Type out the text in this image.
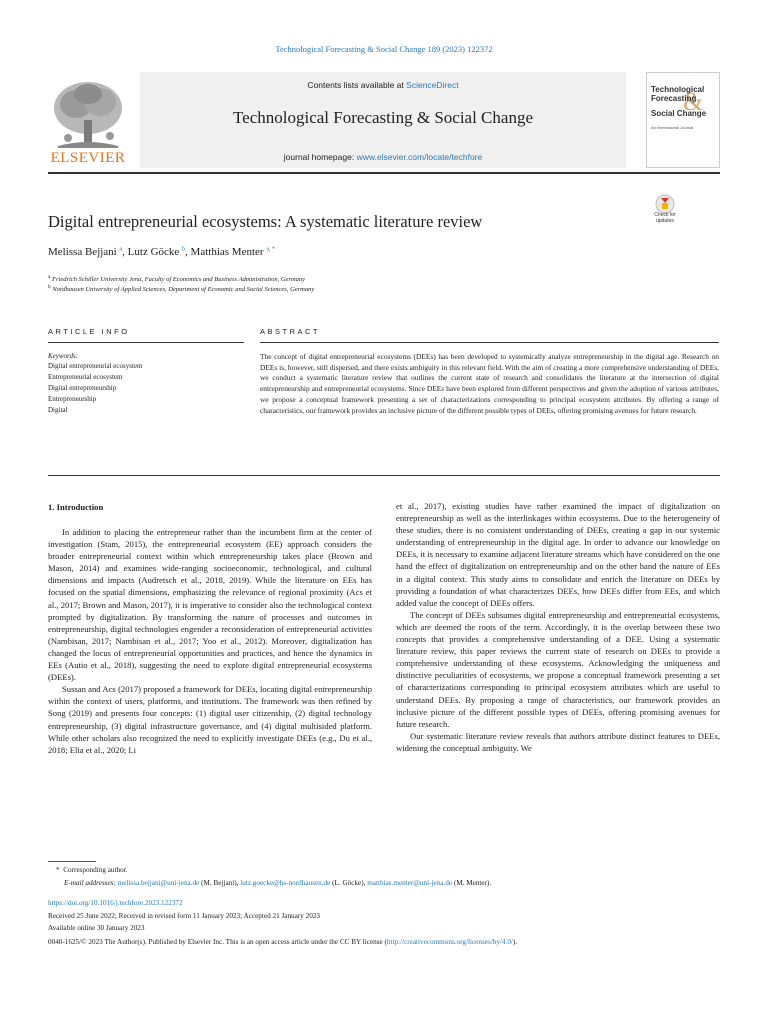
Technological Forecasting & Social Change 189 (2023) 122372
ELSEVIER
Contents lists available at ScienceDirect
Technological Forecasting & Social Change
journal homepage: www.elsevier.com/locate/techfore
&
Technological
Forecasting
Social Change
An International Journal
Check for updates
Digital entrepreneurial ecosystems: A systematic literature review
Melissa Bejjani $^a$, Lutz Göcke $^b$, Matthias Menter $^{a, *}$
$^a$ Friedrich Schiller University Jena, Faculty of Economics and Business Administration, Germany
$^b$ Nordhausen University of Applied Sciences, Department of Economic and Social Sciences, Germany
ARTICLE INFO	ABSTRACT
Keywords:
Digital entrepreneurial ecosystem
Entrepreneurial ecosystem
Digital entrepreneurship
Entrepreneurship
Digital
The concept of digital entrepreneurial ecosystems (DEEs) has been developed to systemically analyze entrepreneurship in the digital age. Research on DEEs is, however, still dispersed, and there exists ambiguity in this relevant field. With the aim of creating a more comprehensive understanding of DEEs, we conduct a systematic literature review that outlines the current state of research and consolidates the literature at the intersection of digital entrepreneurship and entrepreneurial ecosystems. Since DEEs have been explored from different perspectives and given the adoption of various attributes, we propose a conceptual framework presenting a set of characterizations corresponding to principal ecosystem attributes. By offering a range of characteristics, our framework provides an inclusive picture of the different possible types of DEEs, offering promising avenues for future research.
1. Introduction

In addition to placing the entrepreneur rather than the incumbent firm at the center of investigation (Stam, 2015), the entrepreneurial ecosystem (EE) approach considers the broader entrepreneurial context within which entrepreneurship takes place (Brown and Mason, 2014) and examines wide-ranging socioeconomic, technological, and cultural dimensions and impacts (Audretsch et al., 2018, 2019). While the literature on EEs has focused on the spatial dimensions, emphasizing the relevance of regional proximity (Acs et al., 2017; Brown and Mason, 2017), it is imperative to consider also the technological context prompted by digitalization. By transforming the nature of processes and outcomes in entrepreneurship, digital technologies engender a reconsideration of entrepreneurial activities (Nambisan, 2017; Nambisan et al., 2017; Yoo et al., 2012). Moreover, digitalization has changed the locus of entrepreneurial opportunities and practices, and hence the dynamics in EEs (Autio et al., 2018), suggesting the need to explore digital entrepreneurial ecosystems (DEEs).

Sussan and Acs (2017) proposed a framework for DEEs, locating digital entrepreneurship within the context of users, platforms, and institutions. The framework was then refined by Song (2019) and presents four concepts: (1) digital user citizenship, (2) digital technology entrepreneurship, (3) digital infrastructure governance, and (4) digital multisided platform. While other scholars also recognized the need to explicitly investigate DEEs (e.g., Du et al., 2018; Elia et al., 2020; Li

et al., 2017), existing studies have rather examined the impact of digitalization on entrepreneurship as well as the interlinkages within ecosystems. Due to the heterogeneity of these studies, there is no consistent understanding of DEEs, creating a gap in our systemic understanding of entrepreneurship in the digital age. In order to advance our knowledge on DEEs, it is necessary to examine adjacent literature streams which have considered on the one hand the effect of digitalization on entrepreneurship and on the other hand the nature of EEs in a digital context. This study aims to consolidate and enrich the literature on DEEs by providing a foundation of what characterizes DEEs, how DEEs differ from EEs, and which added value the concept of DEEs offers.

The concept of DEEs subsumes digital entrepreneurship and entrepreneurial ecosystems, which are deemed the roots of the term. Accordingly, it is the overlap between these two concepts that provides a comprehensive understanding of a DEE. Using a systematic literature review, this paper reviews the current state of research on DEEs to provide a comprehensive understanding of these ecosystems. Acknowledging the uniqueness and distinctive peculiarities of ecosystems, we propose a conceptual framework presenting a set of characterizations corresponding to principal ecosystem attributes which are useful to understand DEEs. By proposing a range of characteristics, our framework provides an inclusive picture of the different possible types of DEEs, offering promising avenues for future research.

Our systematic literature review reveals that authors attribute distinct features to DEEs, widening the conceptual ambiguity. We

* Corresponding author.
E-mail addresses: melissa.bejjani@uni-jena.de (M. Bejjani), lutz.goecke@hs-nordhausen.de (L. Göcke), matthias.menter@uni-jena.de (M. Menter).
https://doi.org/10.1016/j.techfore.2023.122372
Received 25 June 2022; Received in revised form 11 January 2023; Accepted 21 January 2023
Available online 30 January 2023
0040-1625/© 2023 The Author(s). Published by Elsevier Inc. This is an open access article under the CC BY license (http://creativecommons.org/licenses/by/4.0/).
